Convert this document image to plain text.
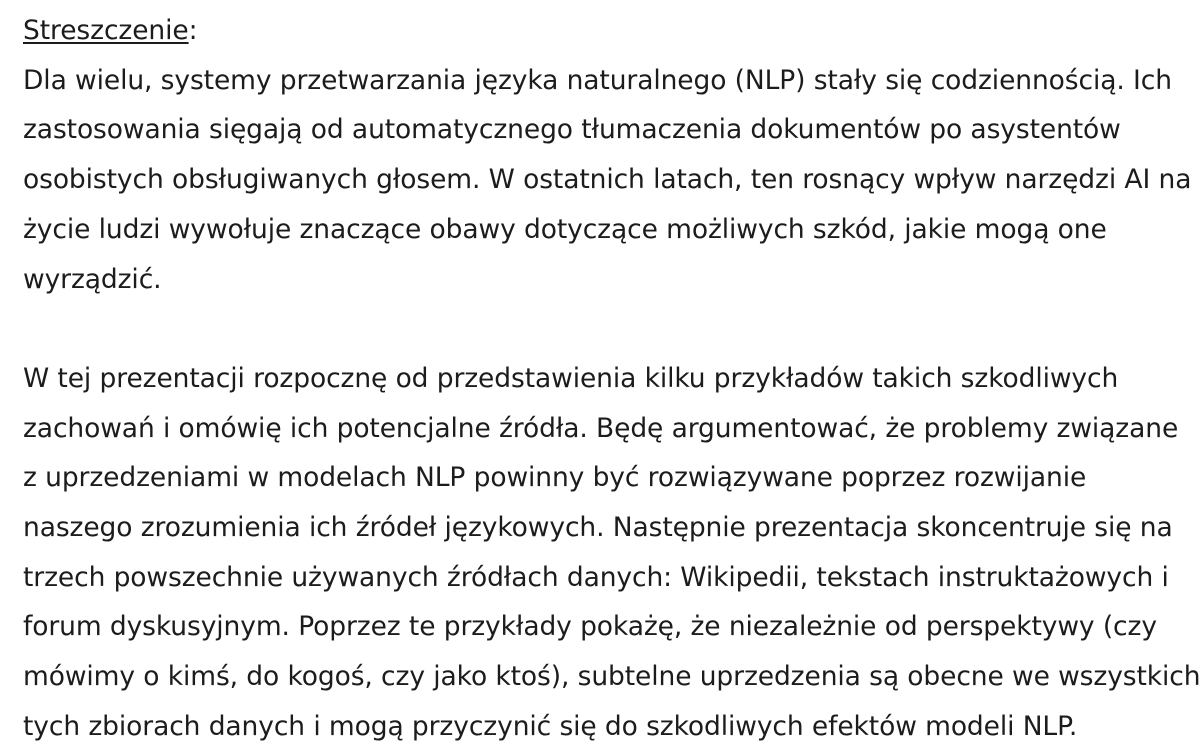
Streszczenie:

Dla wielu, systemy przetwarzania języka naturalnego (NLP) stały się codziennością. Ich

zastosowania sięgają od automatycznego tłumaczenia dokumentów po asystentów

osobistych obsługiwanych głosem. W ostatnich latach, ten rosnący wpływ narzędzi AI na

życie ludzi wywołuje znaczące obawy dotyczące możliwych szkód, jakie mogą one

wyrządzić.

W tej prezentacji rozpocznę od przedstawienia kilku przykładów takich szkodliwych

zachowań i omówię ich potencjalne źródła. Będę argumentować, że problemy związane

z uprzedzeniami w modelach NLP powinny być rozwiązywane poprzez rozwijanie

naszego zrozumienia ich źródeł językowych. Następnie prezentacja skoncentruje się na

trzech powszechnie używanych źródłach danych: Wikipedii, tekstach instruktażowych i

forum dyskusyjnym. Poprzez te przykłady pokażę, że niezależnie od perspektywy (czy

mówimy o kimś, do kogoś, czy jako ktoś), subtelne uprzedzenia są obecne we wszystkich

tych zbiorach danych i mogą przyczynić się do szkodliwych efektów modeli NLP.
